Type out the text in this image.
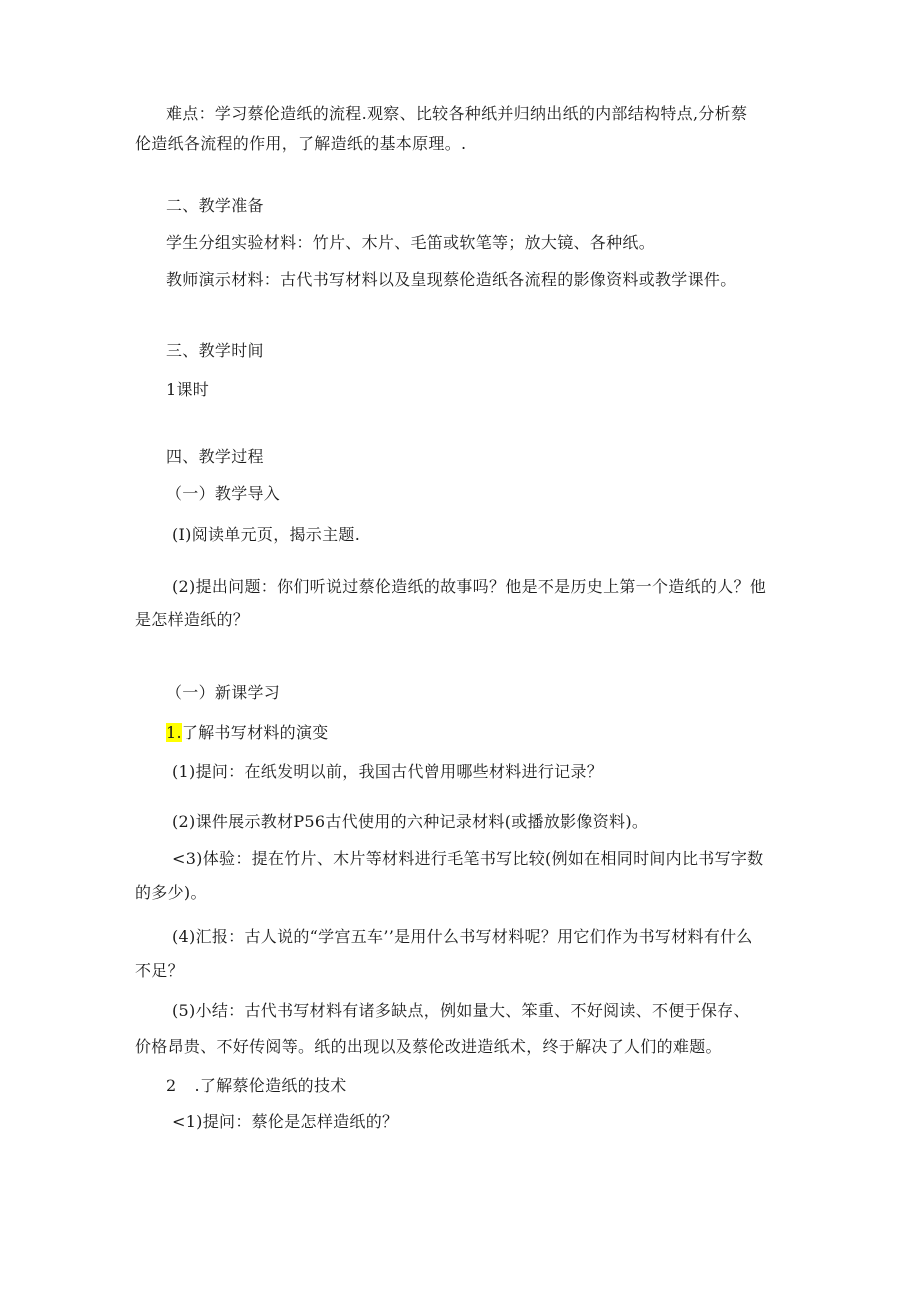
难点：学习蔡伦造纸的流程.观察、比较各种纸并归纳出纸的内部结构特点,分析蔡
伦造纸各流程的作用，了解造纸的基本原理。.
二、教学准备
学生分组实验材料：竹片、木片、毛笛或软笔等；放大镜、各种纸。
教师演示材料：古代书写材料以及皇现蔡伦造纸各流程的影像资料或教学课件。
三、教学时间
1课时
四、教学过程
（一）教学导入
(I)阅读单元页，揭示主题.
(2)提出问题：你们听说过蔡伦造纸的故事吗？他是不是历史上第一个造纸的人？他
是怎样造纸的？
（一）新课学习
1.了解书写材料的演变
(1)提问：在纸发明以前，我国古代曾用哪些材料进行记录？
(2)课件展示教材P56古代使用的六种记录材料(或播放影像资料)。
<3)体验：提在竹片、木片等材料进行毛笔书写比较(例如在相同时间内比书写字数
的多少)。
(4)汇报：古人说的“学宫五车’’是用什么书写材料呢？用它们作为书写材料有什么
不足？
(5)小结：古代书写材料有诸多缺点，例如量大、笨重、不好阅读、不便于保存、
价格昂贵、不好传阅等。纸的出现以及蔡伦改进造纸术，终于解决了人们的难题。
2 .了解蔡伦造纸的技术
<1)提问：蔡伦是怎样造纸的？
